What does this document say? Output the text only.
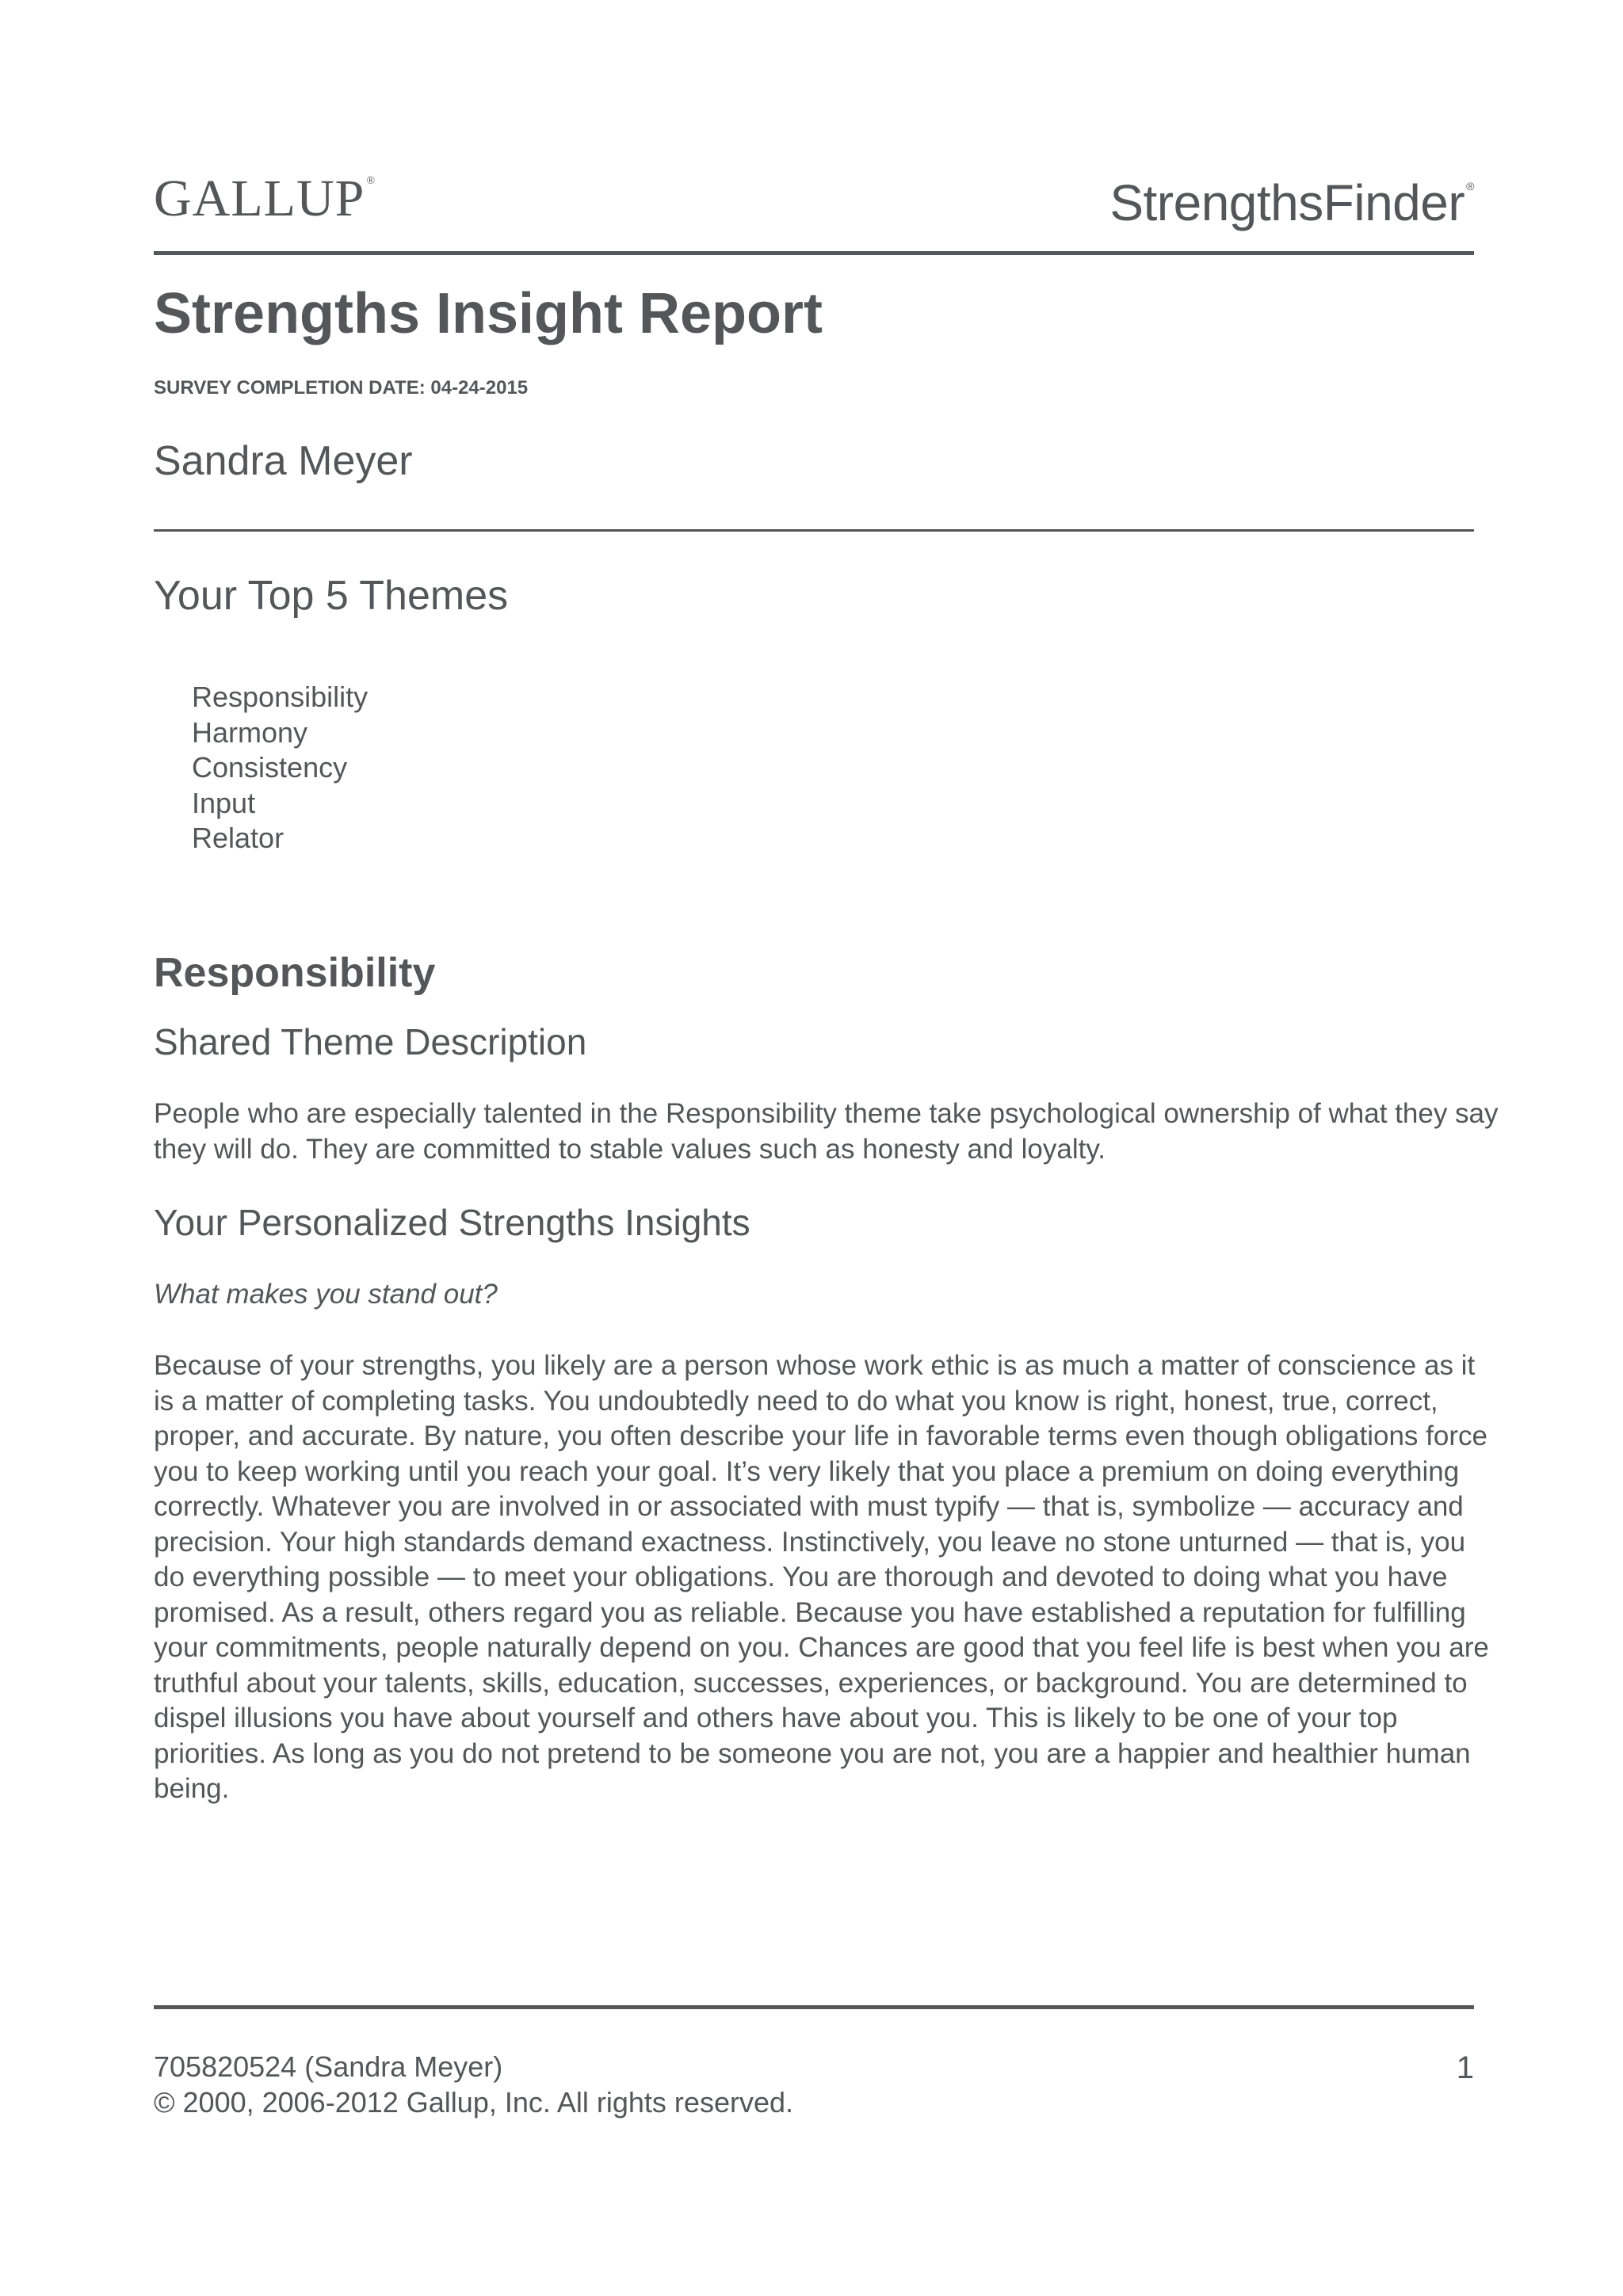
GALLUP ®	StrengthsFinder ®
Strengths Insight Report
SURVEY COMPLETION DATE: 04-24-2015
Sandra Meyer
Your Top 5 Themes
Responsibility
Harmony
Consistency
Input
Relator
Responsibility
Shared Theme Description

People who are especially talented in the Responsibility theme take psychological ownership of what they say they will do. They are committed to stable values such as honesty and loyalty.

Your Personalized Strengths Insights
What makes you stand out?

Because of your strengths, you likely are a person whose work ethic is as much a matter of conscience as it is a matter of completing tasks. You undoubtedly need to do what you know is right, honest, true, correct, proper, and accurate. By nature, you often describe your life in favorable terms even though obligations force you to keep working until you reach your goal. It’s very likely that you place a premium on doing everything correctly. Whatever you are involved in or associated with must typify — that is, symbolize — accuracy and precision. Your high standards demand exactness. Instinctively, you leave no stone unturned — that is, you do everything possible — to meet your obligations. You are thorough and devoted to doing what you have promised. As a result, others regard you as reliable. Because you have established a reputation for fulfilling your commitments, people naturally depend on you. Chances are good that you feel life is best when you are truthful about your talents, skills, education, successes, experiences, or background. You are determined to dispel illusions you have about yourself and others have about you. This is likely to be one of your top priorities. As long as you do not pretend to be someone you are not, you are a happier and healthier human being.

705820524 (Sandra Meyer)
© 2000, 2006-2012 Gallup, Inc. All rights reserved.
1
